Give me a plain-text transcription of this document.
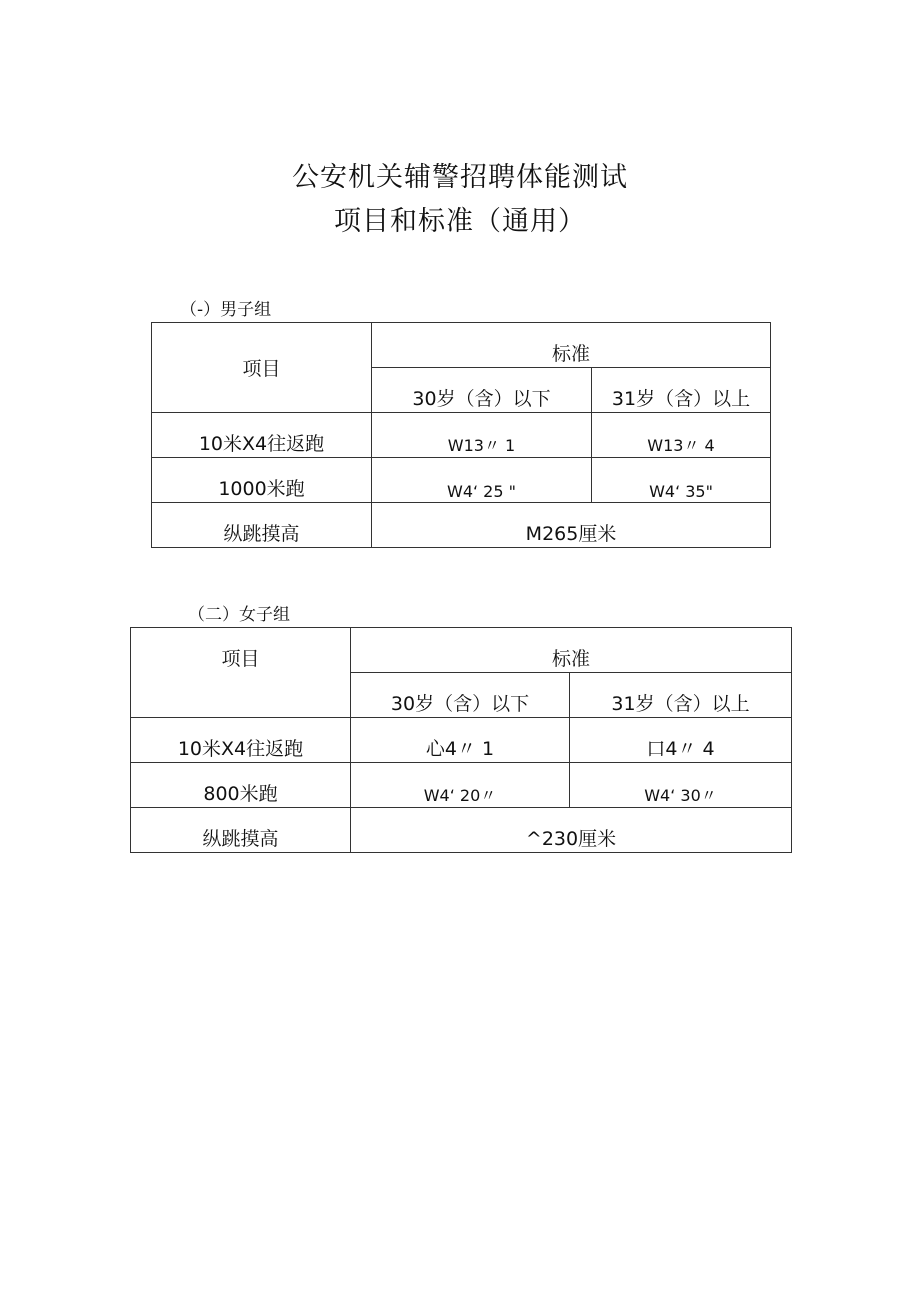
公安机关辅警招聘体能测试
项目和标准（通用）
（-）男子组
项目	标准	
	30岁（含）以下	31岁（含）以上
10米X4往返跑	W13〃 1	W13〃 4
1000米跑	W4‘ 25 "	W4‘ 35"
纵跳摸高	M265厘米	
（二）女子组
项目	标准	
	30岁（含）以下	31岁（含）以上
10米X4往返跑	心4〃 1	口4〃 4
800米跑	W4‘ 20〃	W4‘ 30〃
纵跳摸高	^230厘米	
